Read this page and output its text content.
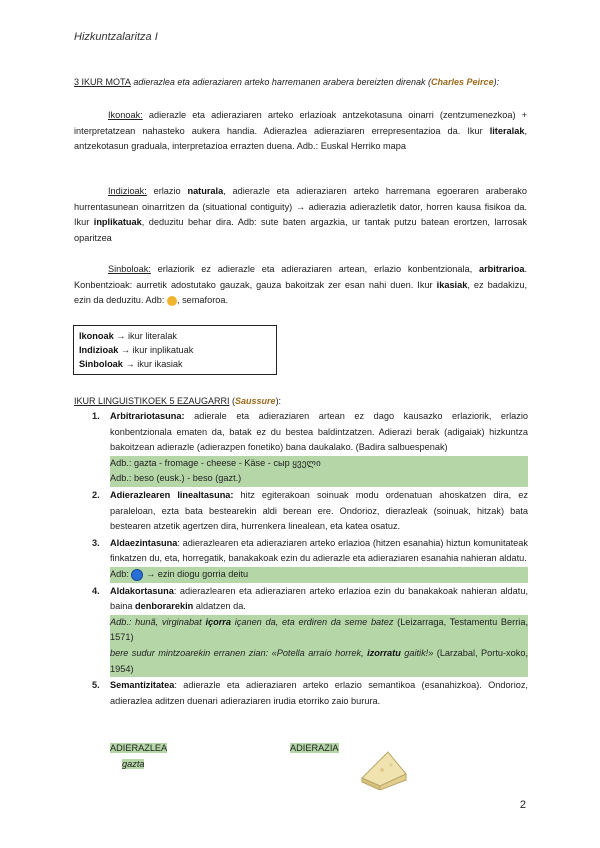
Hizkuntzalaritza I
3 IKUR MOTA adierazlea eta adieraziaren arteko harremanen arabera bereizten direnak (Charles Peirce):
Ikonoak: adierazle eta adieraziaren arteko erlazioak antzekotasuna oinarri (zentzumenezkoa) + interpretatzean nahasteko aukera handia. Adierazlea adieraziaren errepresentazioa da. Ikur literalak, antzekotasun graduala, interpretazioa errazten duena. Adb.: Euskal Herriko mapa
Indizioak: erlazio naturala, adierazle eta adieraziaren arteko harremana egoeraren araberako hurrentasunean oinarritzen da (situational contiguity) → adierazia adierazletik dator, horren kausa fisikoa da. Ikur inplikatuak, deduzitu behar dira. Adb: sute baten argazkia, ur tantak putzu batean erortzen, larrosak oparitzea
Sinboloak: erlaziorik ez adierazle eta adieraziaren artean, erlazio konbentzionala, arbitrarioa. Konbentzioak: aurretik adostutako gauzak, gauza bakoitzak zer esan nahi duen. Ikur ikasiak, ez badakizu, ezin da deduzitu. Adb: , semaforoa.
Ikonoak → ikur literalak
Indizioak → ikur inplikatuak
Sinboloak → ikur ikasiak
IKUR LINGUISTIKOEK 5 EZAUGARRI (Saussure):
1. Arbitrariotasuna: adierale eta adieraziaren artean ez dago kausazko erlaziorik, erlazio konbentzionala ematen da, batak ez du bestea baldintzatzen. Adierazi berak (adigaiak) hizkuntza bakoitzean adierazle (adierazpen fonetiko) bana daukalako. (Badira salbuespenak)
Adb.: gazta - fromage - cheese - Käse - сыр ყველი
Adb.: beso (eusk.) - beso (gazt.)
2. Adierazlearen linealtasuna: hitz egiterakoan soinuak modu ordenatuan ahoskatzen dira, ez paraleloan, ezta bata bestearekin aldi berean ere. Ondorioz, dieraz​leak (soinuak, hitzak) bata bestearen atzetik agertzen dira, hurrenkera linealean, eta katea osatuz.
3. Aldaezintasuna: adierazlearen eta adieraziaren arteko erlazioa (hitzen esanahia) hiztun komunitateak finkatzen du, eta, horregatik, banakakoak ezin du adierazle eta adieraziaren esanahia nahieran aldatu.
Adb:  → ezin diogu gorria deitu
4. Aldakortasuna: adierazlearen eta adieraziaren arteko erlazioa ezin du banakakoak nahieran aldatu, baina denborarekin aldatzen da.
Adb.: hunã, virginabat içorra içanen da, eta erdiren da seme batez (Leizarraga, Testamentu Berria, 1571)
bere sudur mintzoarekin erranen zian: «Potella arraio horrek, izorratu gaitik!» (Larzabal, Portu-xoko, 1954)
5. Semantizitatea: adierazle eta adieraziaren arteko erlazio semantikoa (esanahizkoa). Ondorioz, adierazlea aditzen duenari adieraziaren irudia etorriko zaio burura.
ADIERAZLEA
gazta
ADIERAZIA
2
